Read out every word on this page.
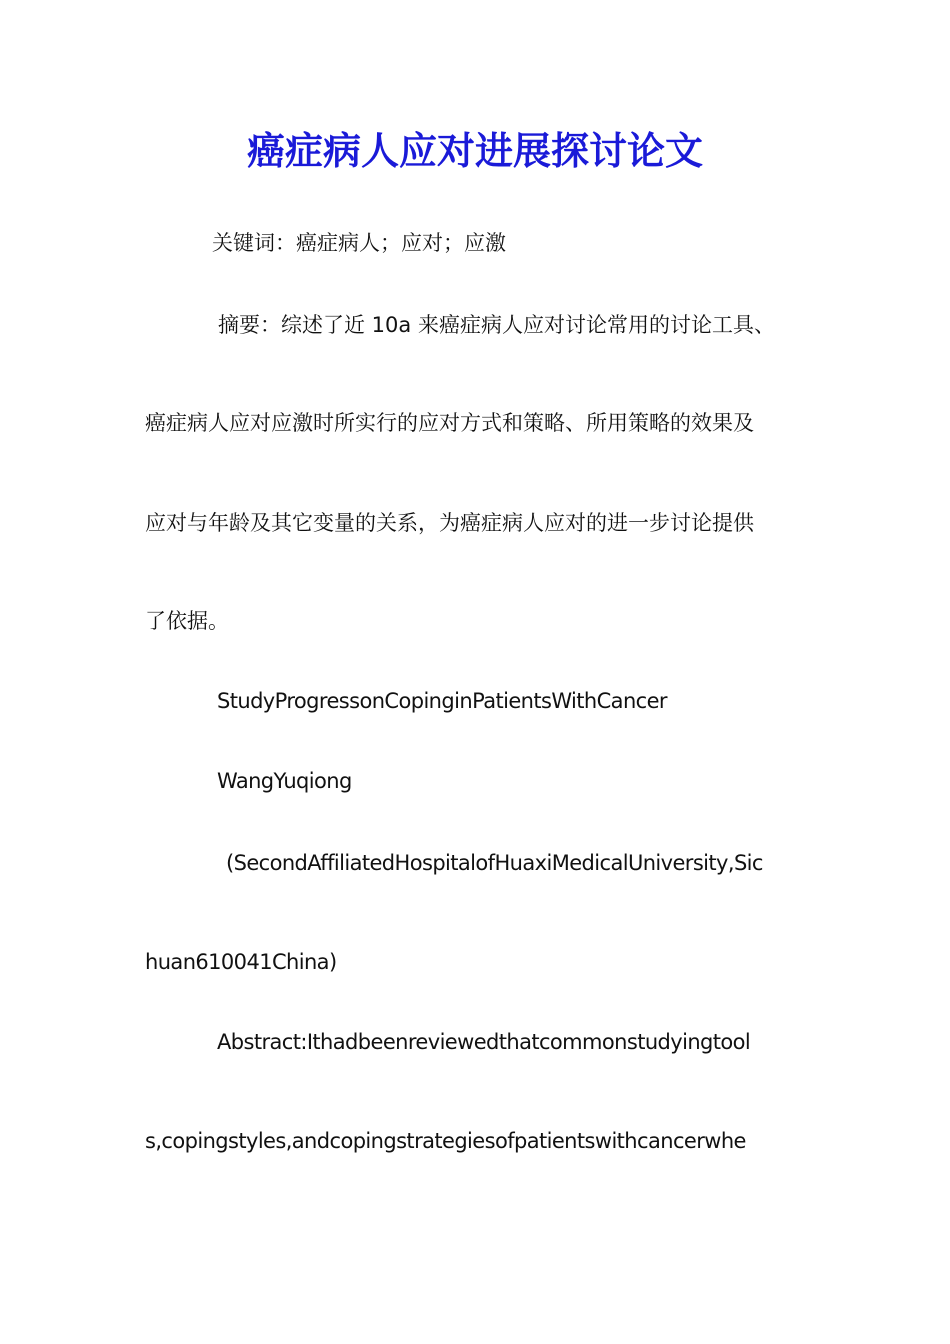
癌症病人应对进展探讨论文
关键词：癌症病人；应对；应激
摘要：综述了近 10a 来癌症病人应对讨论常用的讨论工具、
癌症病人应对应激时所实行的应对方式和策略、所用策略的效果及
应对与年龄及其它变量的关系，为癌症病人应对的进一步讨论提供
了依据。
StudyProgressonCopinginPatientsWithCancer
WangYuqiong
(SecondAffiliatedHospitalofHuaxiMedicalUniversity,Sic
huan610041China)
Abstract:Ithadbeenreviewedthatcommonstudyingtool
s,copingstyles,andcopingstrategiesofpatientswithcancerwhe
